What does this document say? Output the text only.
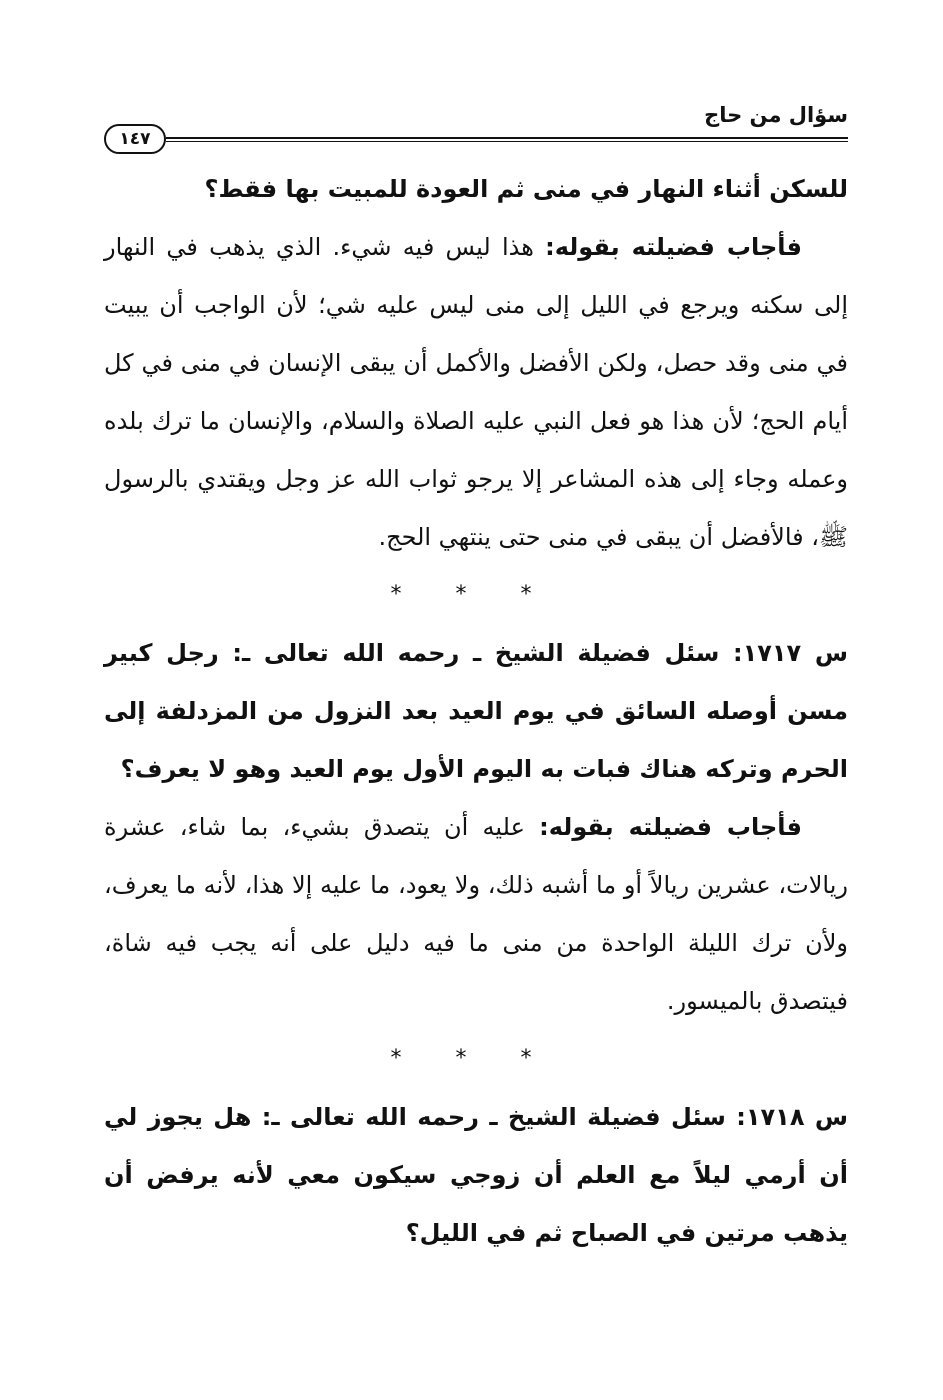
سؤال من حاج
١٤٧

للسكن أثناء النهار في منى ثم العودة للمبيت بها فقط؟

فأجاب فضيلته بقوله: هذا ليس فيه شيء. الذي يذهب في النهار إلى سكنه ويرجع في الليل إلى منى ليس عليه شي؛ لأن الواجب أن يبيت في منى وقد حصل، ولكن الأفضل والأكمل أن يبقى الإنسان في منى في كل أيام الحج؛ لأن هذا هو فعل النبي عليه الصلاة والسلام، والإنسان ما ترك بلده وعمله وجاء إلى هذه المشاعر إلا يرجو ثواب الله عز وجل ويقتدي بالرسول ﷺ، فالأفضل أن يبقى في منى حتى ينتهي الحج.

* * *

س ١٧١٧: سئل فضيلة الشيخ ـ رحمه الله تعالى ـ: رجل كبير مسن أوصله السائق في يوم العيد بعد النزول من المزدلفة إلى الحرم وتركه هناك فبات به اليوم الأول يوم العيد وهو لا يعرف؟

فأجاب فضيلته بقوله: عليه أن يتصدق بشيء، بما شاء، عشرة ريالات، عشرين ريالاً أو ما أشبه ذلك، ولا يعود، ما عليه إلا هذا، لأنه ما يعرف، ولأن ترك الليلة الواحدة من منى ما فيه دليل على أنه يجب فيه شاة، فيتصدق بالميسور.

* * *

س ١٧١٨: سئل فضيلة الشيخ ـ رحمه الله تعالى ـ: هل يجوز لي أن أرمي ليلاً مع العلم أن زوجي سيكون معي لأنه يرفض أن يذهب مرتين في الصباح ثم في الليل؟
